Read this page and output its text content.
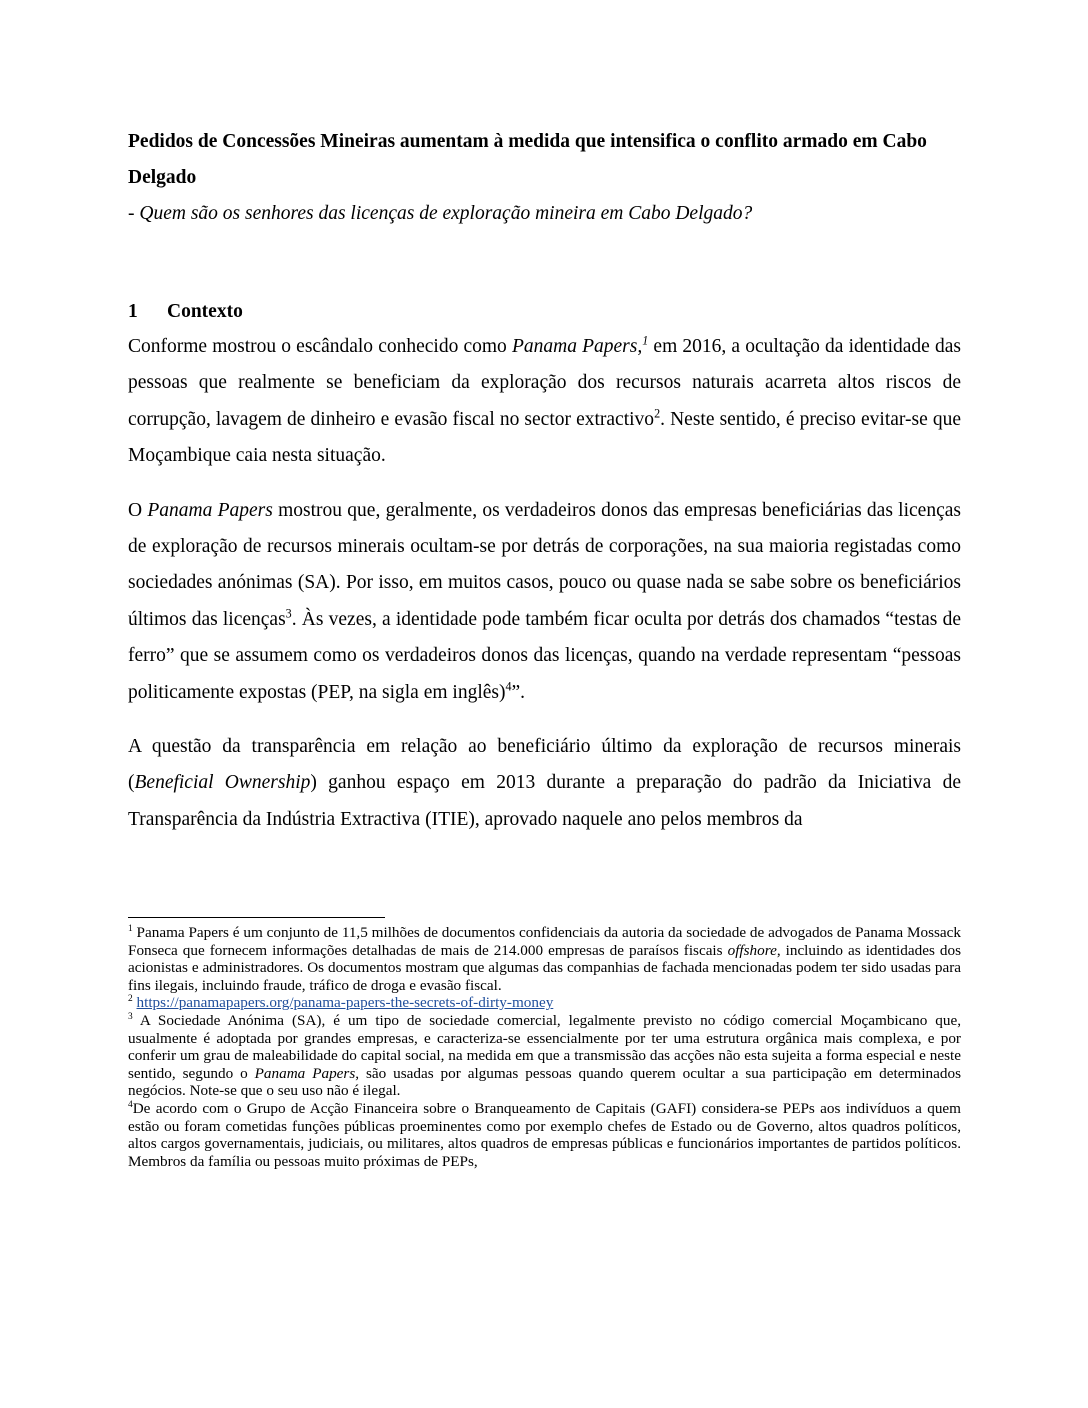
Pedidos de Concessões Mineiras aumentam à medida que intensifica o conflito armado em Cabo Delgado

- Quem são os senhores das licenças de exploração mineira em Cabo Delgado?

1	Contexto

Conforme mostrou o escândalo conhecido como Panama Papers,$^1$ em 2016, a ocultação da identidade das pessoas que realmente se beneficiam da exploração dos recursos naturais acarreta altos riscos de corrupção, lavagem de dinheiro e evasão fiscal no sector extractivo$^2$. Neste sentido, é preciso evitar-se que Moçambique caia nesta situação.

O Panama Papers mostrou que, geralmente, os verdadeiros donos das empresas beneficiárias das licenças de exploração de recursos minerais ocultam-se por detrás de corporações, na sua maioria registadas como sociedades anónimas (SA). Por isso, em muitos casos, pouco ou quase nada se sabe sobre os beneficiários últimos das licenças$^3$. Às vezes, a identidade pode também ficar oculta por detrás dos chamados “testas de ferro” que se assumem como os verdadeiros donos das licenças, quando na verdade representam “pessoas politicamente expostas (PEP, na sigla em inglês)$^4$”.

A questão da transparência em relação ao beneficiário último da exploração de recursos minerais (Beneficial Ownership) ganhou espaço em 2013 durante a preparação do padrão da Iniciativa de Transparência da Indústria Extractiva (ITIE), aprovado naquele ano pelos membros da

$^1$ Panama Papers é um conjunto de 11,5 milhões de documentos confidenciais da autoria da sociedade de advogados de Panama Mossack Fonseca que fornecem informações detalhadas de mais de 214.000 empresas de paraísos fiscais offshore, incluindo as identidades dos acionistas e administradores. Os documentos mostram que algumas das companhias de fachada mencionadas podem ter sido usadas para fins ilegais, incluindo fraude, tráfico de droga e evasão fiscal.

$^2$ https://panamapapers.org/panama-papers-the-secrets-of-dirty-money

$^3$ A Sociedade Anónima (SA), é um tipo de sociedade comercial, legalmente previsto no código comercial Moçambicano que, usualmente é adoptada por grandes empresas, e caracteriza-se essencialmente por ter uma estrutura orgânica mais complexa, e por conferir um grau de maleabilidade do capital social, na medida em que a transmissão das acções não esta sujeita a forma especial e neste sentido, segundo o Panama Papers, são usadas por algumas pessoas quando querem ocultar a sua participação em determinados negócios. Note-se que o seu uso não é ilegal.

$^4$De acordo com o Grupo de Acção Financeira sobre o Branqueamento de Capitais (GAFI) considera-se PEPs aos indivíduos a quem estão ou foram cometidas funções públicas proeminentes como por exemplo chefes de Estado ou de Governo, altos quadros políticos, altos cargos governamentais, judiciais, ou militares, altos quadros de empresas públicas e funcionários importantes de partidos políticos. Membros da família ou pessoas muito próximas de PEPs,
